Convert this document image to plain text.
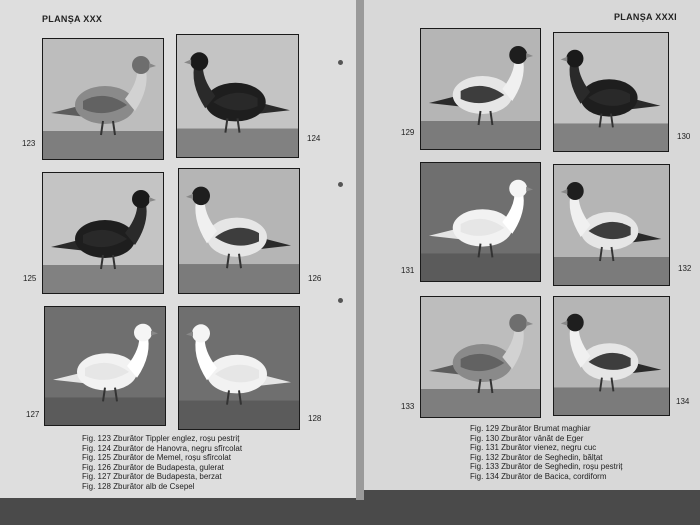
PLANȘA XXX	PLANȘA XXXI
123
124
125	126
127	128
Fig. 123 Zburător Tippler englez, roșu pestriț
Fig. 124 Zburător de Hanovra, negru sfîrcolat
Fig. 125 Zburător de Memel, roșu sfîrcolat
Fig. 126 Zburător de Budapesta, gulerat
Fig. 127 Zburător de Budapesta, berzat
Fig. 128 Zburător alb de Csepel
129	130
131	132
133
134
Fig. 129 Zburător Brumat maghiar
Fig. 130 Zburător vânăt de Eger
Fig. 131 Zburător vienez, negru cuc
Fig. 132 Zburător de Seghedin, bălțat
Fig. 133 Zburător de Seghedin, roșu pestriț
Fig. 134 Zburător de Bacica, cordiform
